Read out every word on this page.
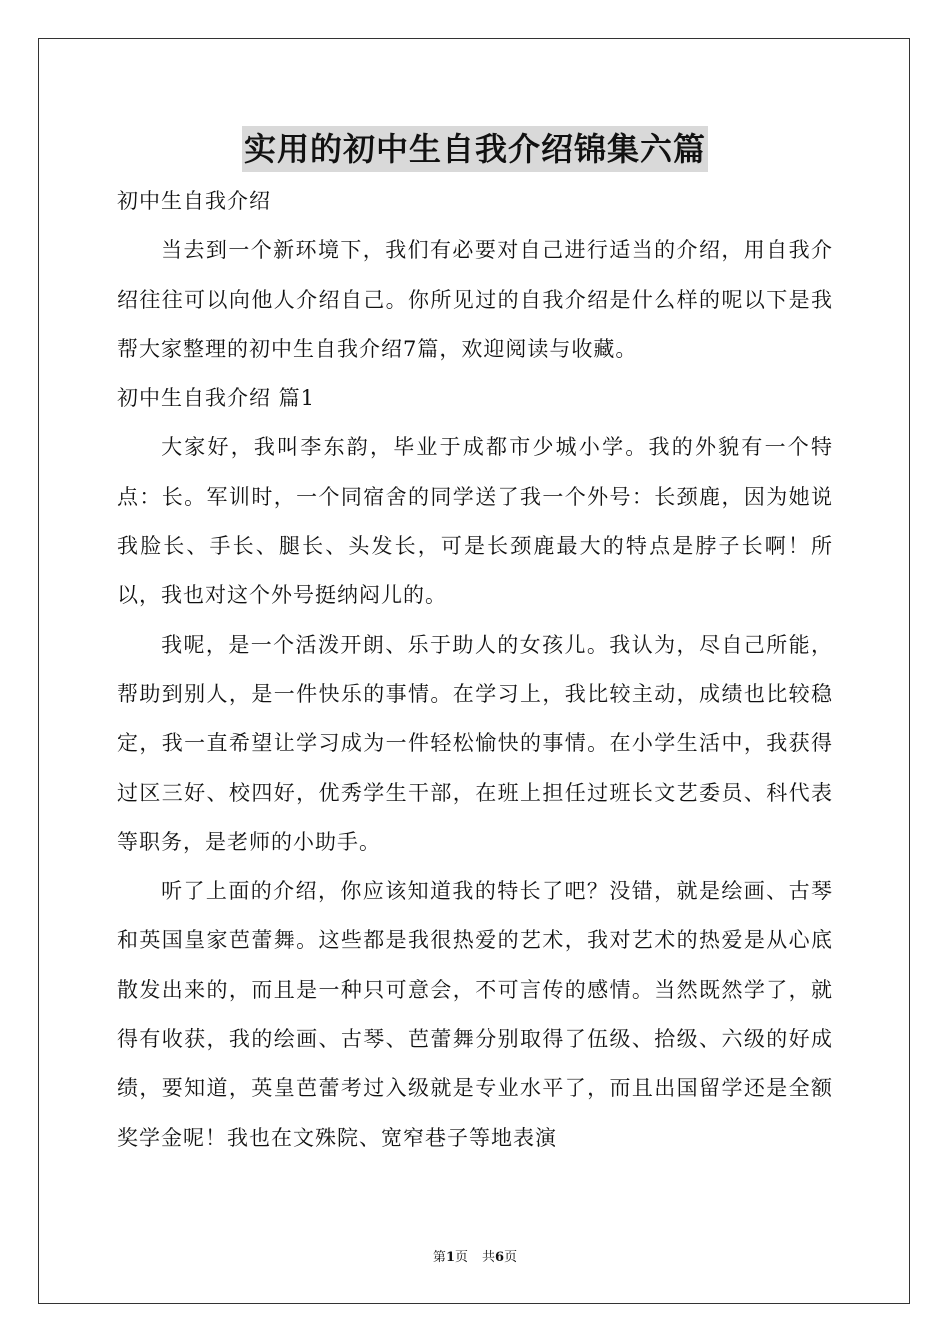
实用的初中生自我介绍锦集六篇

初中生自我介绍

当去到一个新环境下，我们有必要对自己进行适当的介绍，用自我介绍往往可以向他人介绍自己。你所见过的自我介绍是什么样的呢以下是我帮大家整理的初中生自我介绍7篇，欢迎阅读与收藏。

初中生自我介绍 篇1

大家好，我叫李东韵，毕业于成都市少城小学。我的外貌有一个特点：长。军训时，一个同宿舍的同学送了我一个外号：长颈鹿，因为她说我脸长、手长、腿长、头发长，可是长颈鹿最大的特点是脖子长啊！所以，我也对这个外号挺纳闷儿的。

我呢，是一个活泼开朗、乐于助人的女孩儿。我认为，尽自己所能，帮助到别人，是一件快乐的事情。在学习上，我比较主动，成绩也比较稳定，我一直希望让学习成为一件轻松愉快的事情。在小学生活中，我获得过区三好、校四好，优秀学生干部，在班上担任过班长文艺委员、科代表等职务，是老师的小助手。

听了上面的介绍，你应该知道我的特长了吧？没错，就是绘画、古琴和英国皇家芭蕾舞。这些都是我很热爱的艺术，我对艺术的热爱是从心底散发出来的，而且是一种只可意会，不可言传的感情。当然既然学了，就得有收获，我的绘画、古琴、芭蕾舞分别取得了伍级、拾级、六级的好成绩，要知道，英皇芭蕾考过入级就是专业水平了，而且出国留学还是全额奖学金呢！我也在文殊院、宽窄巷子等地表演

第1页 共6页
